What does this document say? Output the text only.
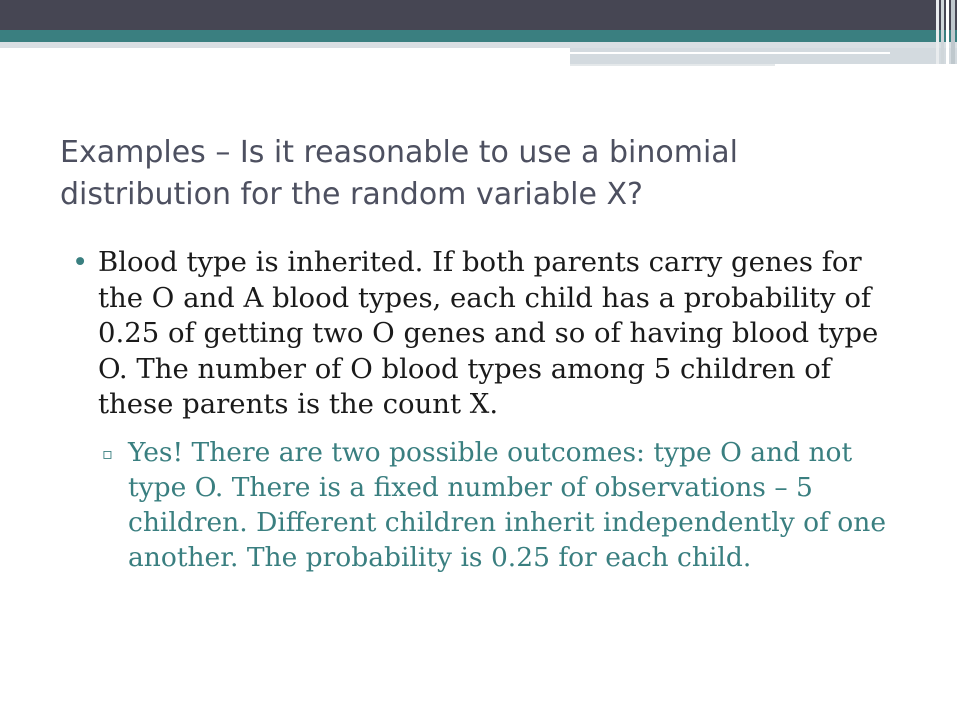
Examples – Is it reasonable to use a binomial distribution for the random variable X?
• Blood type is inherited. If both parents carry genes for the O and A blood types, each child has a probability of 0.25 of getting two O genes and so of having blood type O. The number of O blood types among 5 children of these parents is the count X.
▫ Yes! There are two possible outcomes: type O and not type O. There is a fixed number of observations – 5 children. Different children inherit independently of one another. The probability is 0.25 for each child.
